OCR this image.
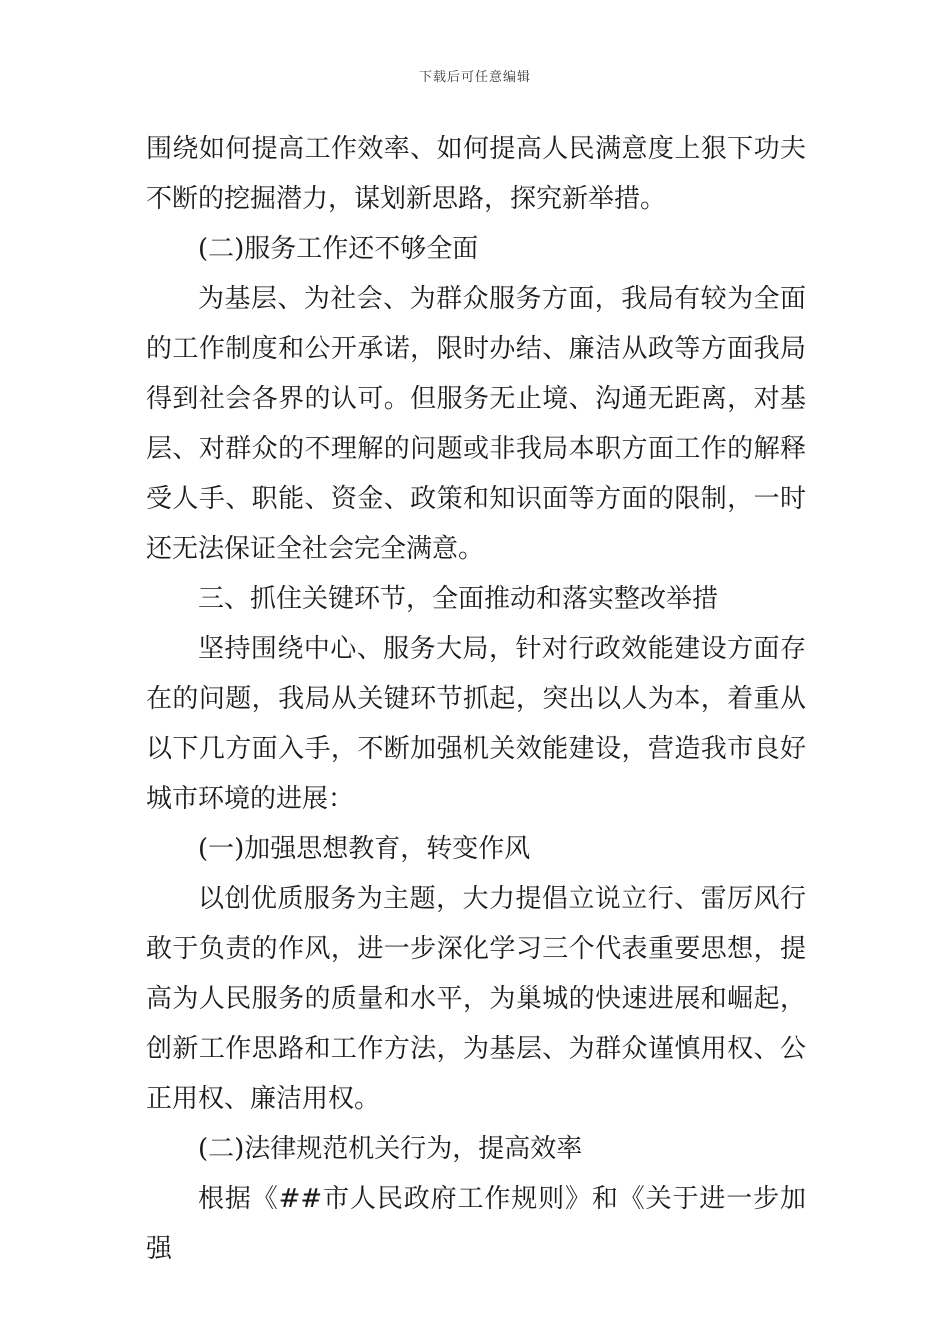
下载后可任意编辑

围绕如何提高工作效率、如何提高人民满意度上狠下功夫不断的挖掘潜力，谋划新思路，探究新举措。

(二)服务工作还不够全面

为基层、为社会、为群众服务方面，我局有较为全面的工作制度和公开承诺，限时办结、廉洁从政等方面我局得到社会各界的认可。但服务无止境、沟通无距离，对基层、对群众的不理解的问题或非我局本职方面工作的解释受人手、职能、资金、政策和知识面等方面的限制，一时还无法保证全社会完全满意。

三、抓住关键环节，全面推动和落实整改举措

坚持围绕中心、服务大局，针对行政效能建设方面存在的问题，我局从关键环节抓起，突出以人为本，着重从以下几方面入手，不断加强机关效能建设，营造我市良好城市环境的进展：

(一)加强思想教育，转变作风

以创优质服务为主题，大力提倡立说立行、雷厉风行敢于负责的作风，进一步深化学习三个代表重要思想，提高为人民服务的质量和水平，为巢城的快速进展和崛起，创新工作思路和工作方法，为基层、为群众谨慎用权、公正用权、廉洁用权。

(二)法律规范机关行为，提高效率

根据《##市人民政府工作规则》和《关于进一步加强
